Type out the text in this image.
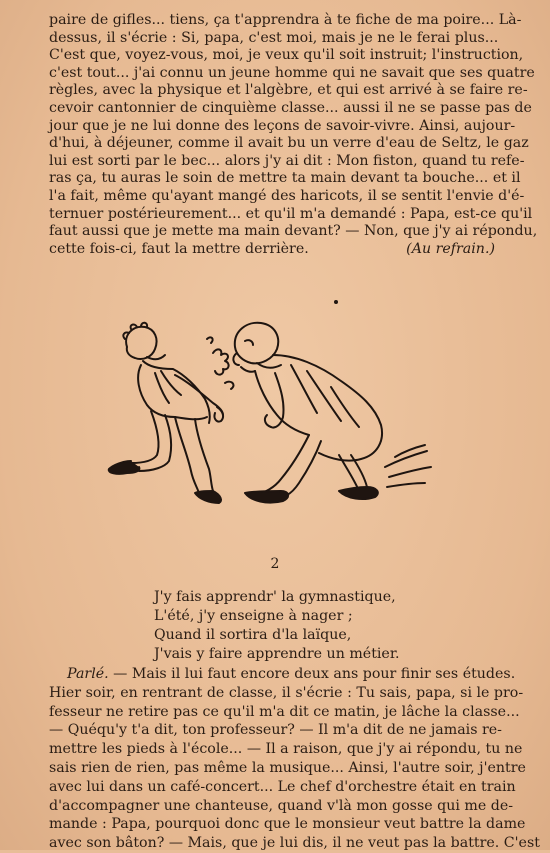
paire de gifles... tiens, ça t'apprendra à te fiche de ma poire... Là-
dessus, il s'écrie : Si, papa, c'est moi, mais je ne le ferai plus...
C'est que, voyez-vous, moi, je veux qu'il soit instruit; l'instruction,
c'est tout... j'ai connu un jeune homme qui ne savait que ses quatre
règles, avec la physique et l'algèbre, et qui est arrivé à se faire re-
cevoir cantonnier de cinquième classe... aussi il ne se passe pas de
jour que je ne lui donne des leçons de savoir-vivre. Ainsi, aujour-
d'hui, à déjeuner, comme il avait bu un verre d'eau de Seltz, le gaz
lui est sorti par le bec... alors j'y ai dit : Mon fiston, quand tu refe-
ras ça, tu auras le soin de mettre ta main devant ta bouche... et il
l'a fait, même qu'ayant mangé des haricots, il se sentit l'envie d'é-
ternuer postérieurement... et qu'il m'a demandé : Papa, est-ce qu'il
faut aussi que je mette ma main devant? — Non, que j'y ai répondu,
cette fois-ci, faut la mettre derrière.	(Au refrain.)
2
J'y fais apprendr' la gymnastique,
L'été, j'y enseigne à nager ;
Quand il sortira d'la laïque,
J'vais y faire apprendre un métier.
Parlé. — Mais il lui faut encore deux ans pour finir ses études.
Hier soir, en rentrant de classe, il s'écrie : Tu sais, papa, si le pro-
fesseur ne retire pas ce qu'il m'a dit ce matin, je lâche la classe...
— Quéqu'y t'a dit, ton professeur? — Il m'a dit de ne jamais re-
mettre les pieds à l'école... — Il a raison, que j'y ai répondu, tu ne
sais rien de rien, pas même la musique... Ainsi, l'autre soir, j'entre
avec lui dans un café-concert... Le chef d'orchestre était en train
d'accompagner une chanteuse, quand v'là mon gosse qui me de-
mande : Papa, pourquoi donc que le monsieur veut battre la dame
avec son bâton? — Mais, que je lui dis, il ne veut pas la battre. C'est
